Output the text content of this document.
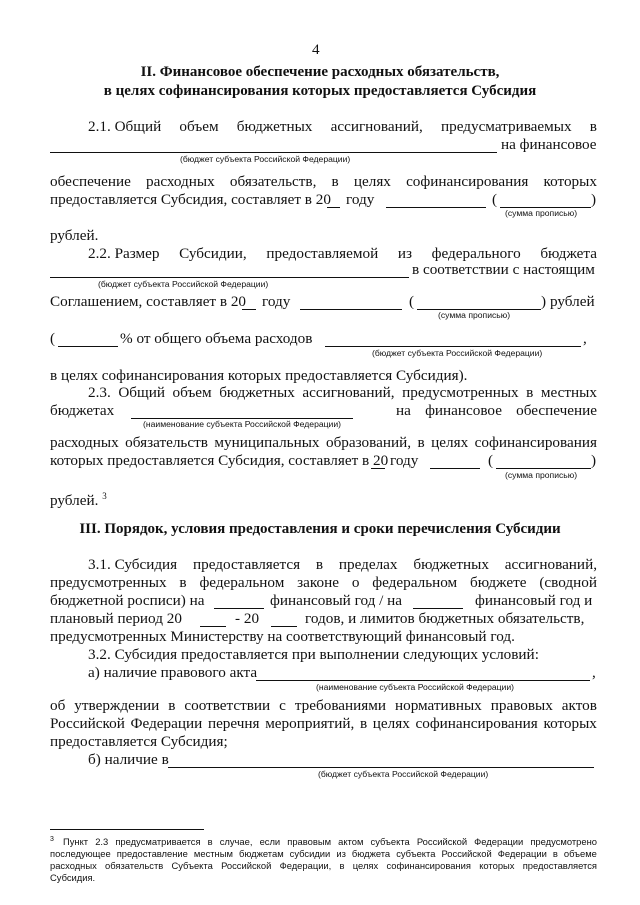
4
II. Финансовое обеспечение расходных обязательств,
в целях софинансирования которых предоставляется Субсидия
2.1. Общий объем бюджетных ассигнований, предусматриваемых в
на финансовое
(бюджет субъекта Российской Федерации)
обеспечение расходных обязательств, в целях софинансирования которых
предоставляется Субсидия, составляет в 20 году	(	)
(сумма прописью)
рублей.
2.2. Размер Субсидии, предоставляемой из федерального бюджета
в соответствии с настоящим
(бюджет субъекта Российской Федерации)
Соглашением, составляет в 20 году	(	) рублей
(сумма прописью)
(	% от общего объема расходов	,
(бюджет субъекта Российской Федерации)
в целях софинансирования которых предоставляется Субсидия).
2.3. Общий объем бюджетных ассигнований, предусмотренных в местных
бюджетах	на финансовое обеспечение
(наименование субъекта Российской Федерации)
расходных обязательств муниципальных образований, в целях софинансирования
которых предоставляется Субсидия, составляет в 20 году	(	)
(сумма прописью)
рублей. $^3$
III. Порядок, условия предоставления и сроки перечисления Субсидии
3.1. Субсидия предоставляется в пределах бюджетных ассигнований,
предусмотренных в федеральном законе о федеральном бюджете (сводной
бюджетной росписи) на	финансовый год / на	финансовый год и
плановый период 20	- 20	годов, и лимитов бюджетных обязательств,
предусмотренных Министерству на соответствующий финансовый год.
3.2. Субсидия предоставляется при выполнении следующих условий:
а) наличие правового акта	,
(наименование субъекта Российской Федерации)
об утверждении в соответствии с требованиями нормативных правовых актов
Российской Федерации перечня мероприятий, в целях софинансирования которых
предоставляется Субсидия;
б) наличие в
(бюджет субъекта Российской Федерации)
3 Пункт 2.3 предусматривается в случае, если правовым актом субъекта Российской Федерации предусмотрено
последующее предоставление местным бюджетам субсидии из бюджета субъекта Российской Федерации в объеме
расходных обязательств Субъекта Российской Федерации, в целях софинансирования которых предоставляется
Субсидия.
